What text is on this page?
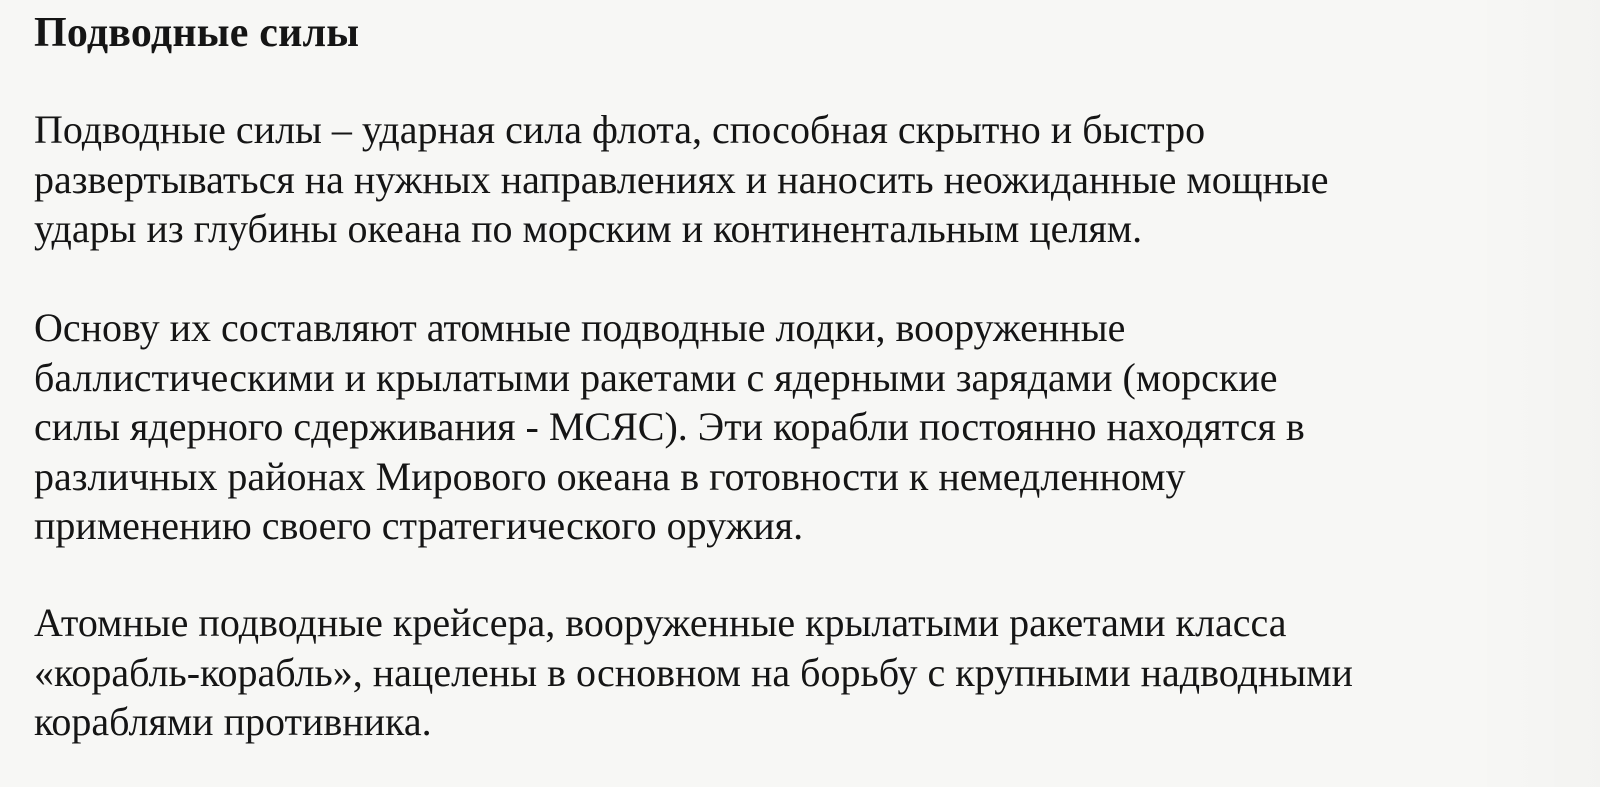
Подводные силы

Подводные силы – ударная сила флота, способная скрытно и быстро
развертываться на нужных направлениях и наносить неожиданные мощные
удары из глубины океана по морским и континентальным целям.

Основу их составляют атомные подводные лодки, вооруженные
баллистическими и крылатыми ракетами с ядерными зарядами (морские
силы ядерного сдерживания - МСЯС). Эти корабли постоянно находятся в
различных районах Мирового океана в готовности к немедленному
применению своего стратегического оружия.

Атомные подводные крейсера, вооруженные крылатыми ракетами класса
«корабль-корабль», нацелены в основном на борьбу с крупными надводными
кораблями противника.
